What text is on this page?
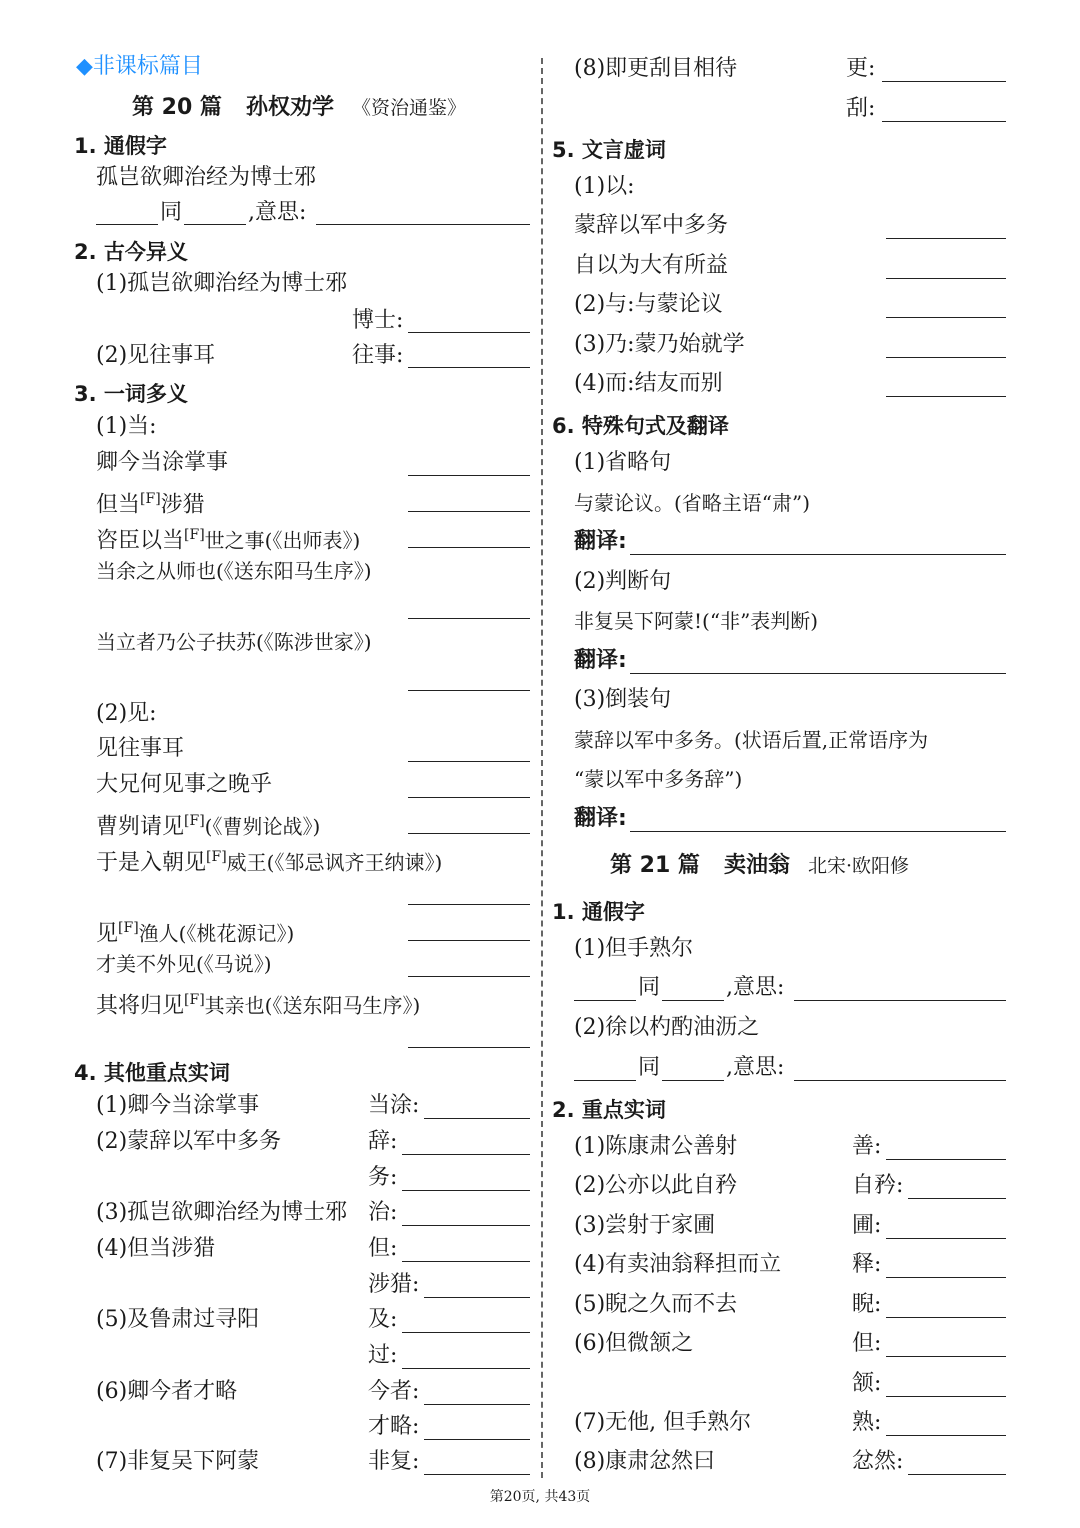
◆非课标篇目
第 20 篇 孙权劝学 《资治通鉴》
1. 通假字
孤岂欲卿治经为博士邪
同	,意思:
2. 古今异义
(1)孤岂欲卿治经为博士邪
博士:
(2)见往事耳	往事:
3. 一词多义
(1)当:
卿今当涂掌事
但当[F]涉猎
咨臣以当[F]世之事(《出师表》)
当余之从师也(《送东阳马生序》)
当立者乃公子扶苏(《陈涉世家》)
(2)见:
见往事耳
大兄何见事之晚乎
曹刿请见[F](《曹刿论战》)
于是入朝见[F]威王(《邹忌讽齐王纳谏》)
见[F]渔人(《桃花源记》)
才美不外见(《马说》)
其将归见[F]其亲也(《送东阳马生序》)
4. 其他重点实词
(1)卿今当涂掌事	当涂:
(2)蒙辞以军中多务	辞:
务:
(3)孤岂欲卿治经为博士邪 治:
(4)但当涉猎	但:
涉猎:
(5)及鲁肃过寻阳	及:
过:
(6)卿今者才略	今者:
才略:
(7)非复吴下阿蒙	非复:
(8)即更刮目相待	更:
刮:
5. 文言虚词
(1)以:
蒙辞以军中多务
自以为大有所益
(2)与:与蒙论议
(3)乃:蒙乃始就学
(4)而:结友而别
6. 特殊句式及翻译
(1)省略句
与蒙论议。(省略主语“肃”)
翻译:
(2)判断句
非复吴下阿蒙!(“非”表判断)
翻译:
(3)倒装句
蒙辞以军中多务。(状语后置,正常语序为
“蒙以军中多务辞”)
翻译:
第 21 篇 卖油翁 北宋·欧阳修
1. 通假字
(1)但手熟尔
同	,意思:
(2)徐以杓酌油沥之
同	,意思:
2. 重点实词
(1)陈康肃公善射	善:
(2)公亦以此自矜	自矜:
(3)尝射于家圃	圃:
(4)有卖油翁释担而立	释:
(5)睨之久而不去	睨:
(6)但微颔之	但:
颔:
(7)无他, 但手熟尔	熟:
(8)康肃忿然曰	忿然:
第20页, 共43页
